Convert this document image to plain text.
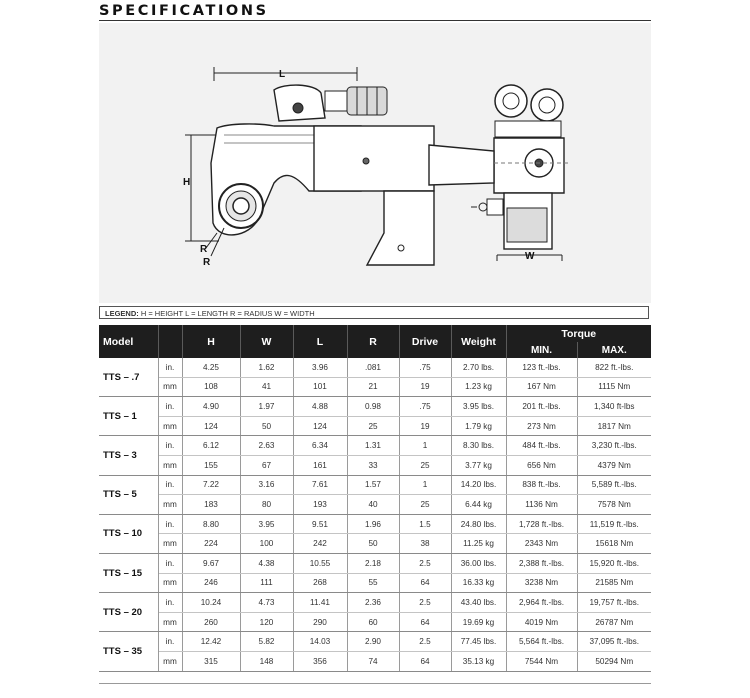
SPECIFICATIONS
L
H
R
R
W
LEGEND: H = HEIGHT L = LENGTH R = RADIUS W = WIDTH
Model		H	W	L	R	Drive	Weight	Torque	
								MIN.	MAX.
TTS – .7	in.	4.25	1.62	3.96	.081	.75	2.70 lbs.	123 ft.-lbs.	822 ft.-lbs.
	mm	108	41	101	21	19	1.23 kg	167 Nm	1115 Nm
TTS – 1	in.	4.90	1.97	4.88	0.98	.75	3.95 lbs.	201 ft.-lbs.	1,340 ft-lbs
	mm	124	50	124	25	19	1.79 kg	273 Nm	1817 Nm
TTS – 3	in.	6.12	2.63	6.34	1.31	1	8.30 lbs.	484 ft.-lbs.	3,230 ft.-lbs.
	mm	155	67	161	33	25	3.77 kg	656 Nm	4379 Nm
TTS – 5	in.	7.22	3.16	7.61	1.57	1	14.20 lbs.	838 ft.-lbs.	5,589 ft.-lbs.
	mm	183	80	193	40	25	6.44 kg	1136 Nm	7578 Nm
TTS – 10	in.	8.80	3.95	9.51	1.96	1.5	24.80 lbs.	1,728 ft.-lbs.	11,519 ft.-lbs.
	mm	224	100	242	50	38	11.25 kg	2343 Nm	15618 Nm
TTS – 15	in.	9.67	4.38	10.55	2.18	2.5	36.00 lbs.	2,388 ft.-lbs.	15,920 ft.-lbs.
	mm	246	111	268	55	64	16.33 kg	3238 Nm	21585 Nm
TTS – 20	in.	10.24	4.73	11.41	2.36	2.5	43.40 lbs.	2,964 ft.-lbs.	19,757 ft.-lbs.
	mm	260	120	290	60	64	19.69 kg	4019 Nm	26787 Nm
TTS – 35	in.	12.42	5.82	14.03	2.90	2.5	77.45 lbs.	5,564 ft.-lbs.	37,095 ft.-lbs.
	mm	315	148	356	74	64	35.13 kg	7544 Nm	50294 Nm
